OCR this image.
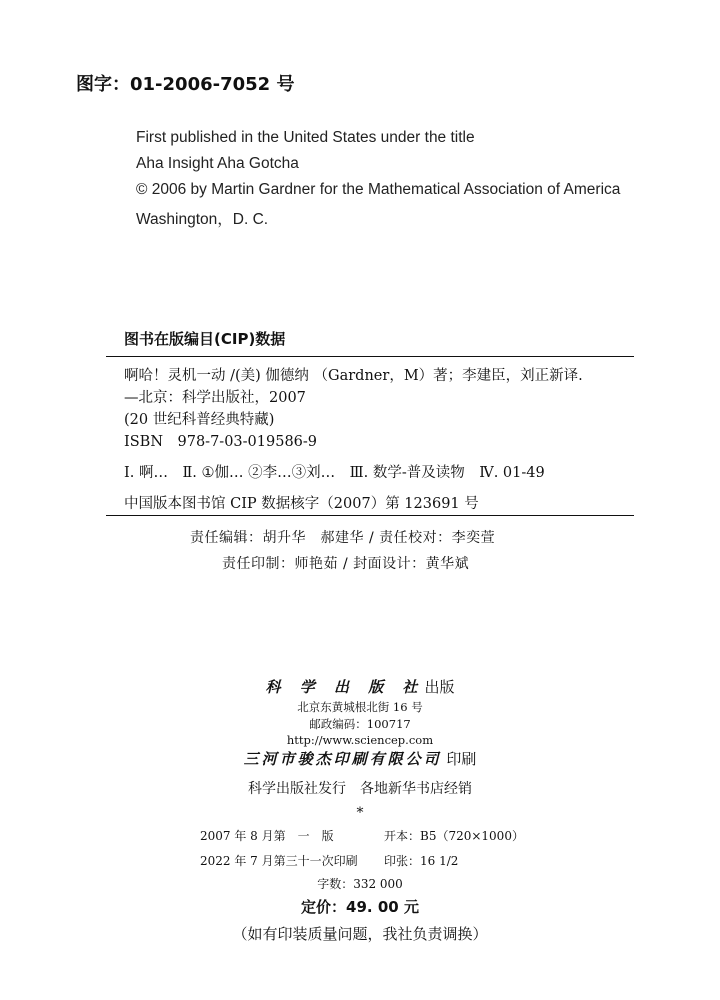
图字：01-2006-7052 号
First published in the United States under the title
Aha Insight Aha Gotcha
© 2006 by Martin Gardner for the Mathematical Association of America
Washington，D. C.
图书在版编目(CIP)数据
啊哈！灵机一动 /(美) 伽德纳 （Gardner，M）著；李建臣，刘正新译.
—北京：科学出版社，2007
(20 世纪科普经典特藏)
ISBN　978-7-03-019586-9
Ⅰ. 啊…　Ⅱ. ①伽… ②李…③刘…　Ⅲ. 数学-普及读物　Ⅳ. 01-49
中国版本图书馆 CIP 数据核字（2007）第 123691 号
责任编辑：胡升华　郝建华 / 责任校对：李奕萱
责任印制：师艳茹 / 封面设计：黄华斌
科 学 出 版 社出版
北京东黄城根北街 16 号
邮政编码：100717
http://www.sciencep.com
三河市骏杰印刷有限公司 印刷
科学出版社发行　各地新华书店经销
*
2007 年 8 月第　一　版	开本：B5（720×1000）
2022 年 7 月第三十一次印刷 印张：16 1/2
字数：332 000
定价：49. 00 元
（如有印装质量问题，我社负责调换）
